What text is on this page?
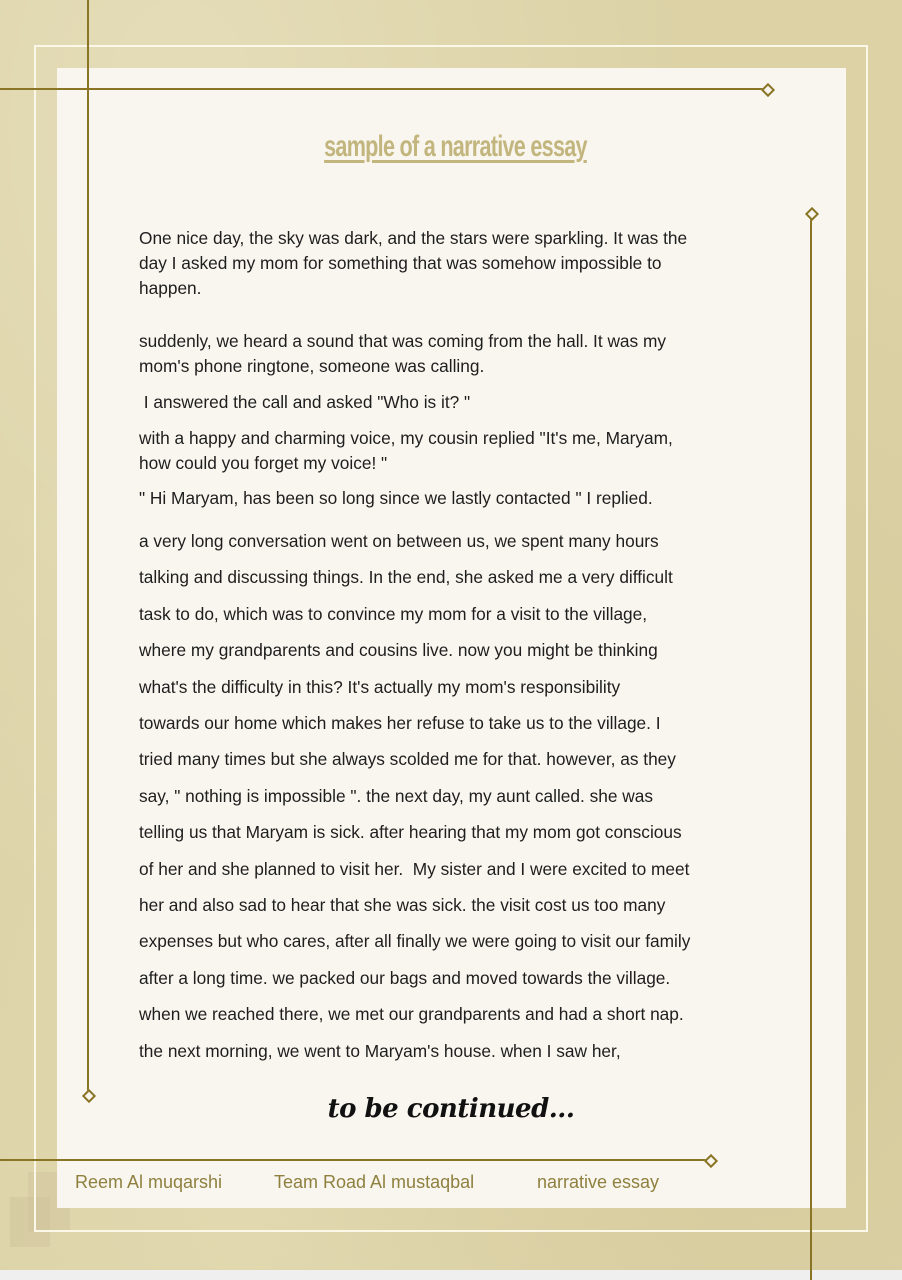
sample of a narrative essay

One nice day, the sky was dark, and the stars were sparkling. It was the

day I asked my mom for something that was somehow impossible to

happen.

suddenly, we heard a sound that was coming from the hall. It was my

mom's phone ringtone, someone was calling.

I answered the call and asked "Who is it? "

with a happy and charming voice, my cousin replied "It's me, Maryam,

how could you forget my voice! "

" Hi Maryam, has been so long since we lastly contacted " I replied.

a very long conversation went on between us, we spent many hours

talking and discussing things. In the end, she asked me a very difficult

task to do, which was to convince my mom for a visit to the village,

where my grandparents and cousins live. now you might be thinking

what's the difficulty in this? It's actually my mom's responsibility

towards our home which makes her refuse to take us to the village. I

tried many times but she always scolded me for that. however, as they

say, " nothing is impossible ". the next day, my aunt called. she was

telling us that Maryam is sick. after hearing that my mom got conscious

of her and she planned to visit her.  My sister and I were excited to meet

her and also sad to hear that she was sick. the visit cost us too many

expenses but who cares, after all finally we were going to visit our family

after a long time. we packed our bags and moved towards the village.

when we reached there, we met our grandparents and had a short nap.

the next morning, we went to Maryam's house. when I saw her,

to be continued...
Reem Al muqarshi	Team Road Al mustaqbal	narrative essay
